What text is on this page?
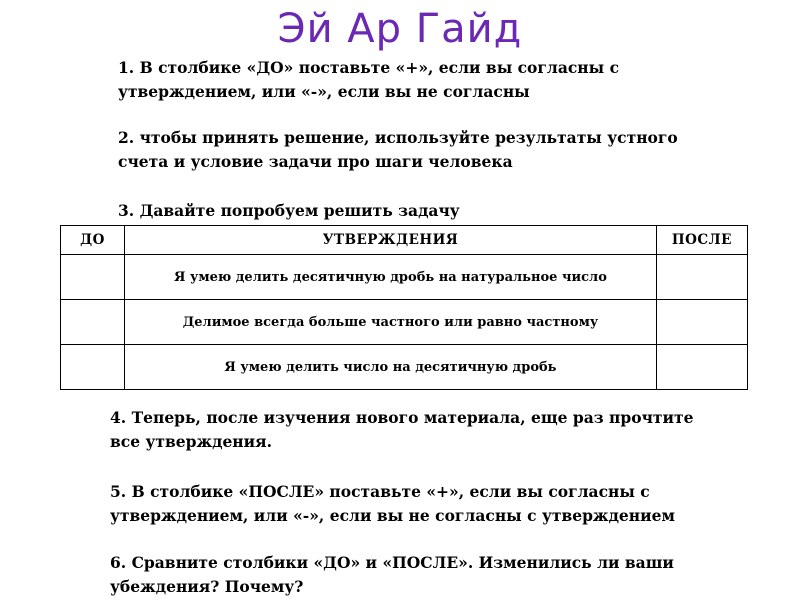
Эй Ар Гайд
1. В столбике «ДО» поставьте «+», если вы согласны с
утверждением, или «-», если вы не согласны
2. чтобы принять решение, используйте результаты устного
счета и условие задачи про шаги человека
3. Давайте попробуем решить задачу
ДО	УТВЕРЖДЕНИЯ	ПОСЛЕ
	Я умею делить десятичную дробь на натуральное число	
	Делимое всегда больше частного или равно частному	
	Я умею делить число на десятичную дробь	
4. Теперь, после изучения нового материала, еще раз прочтите
все утверждения.
5. В столбике «ПОСЛЕ» поставьте «+», если вы согласны с
утверждением, или «-», если вы не согласны с утверждением
6. Сравните столбики «ДО» и «ПОСЛЕ». Изменились ли ваши
убеждения? Почему?
